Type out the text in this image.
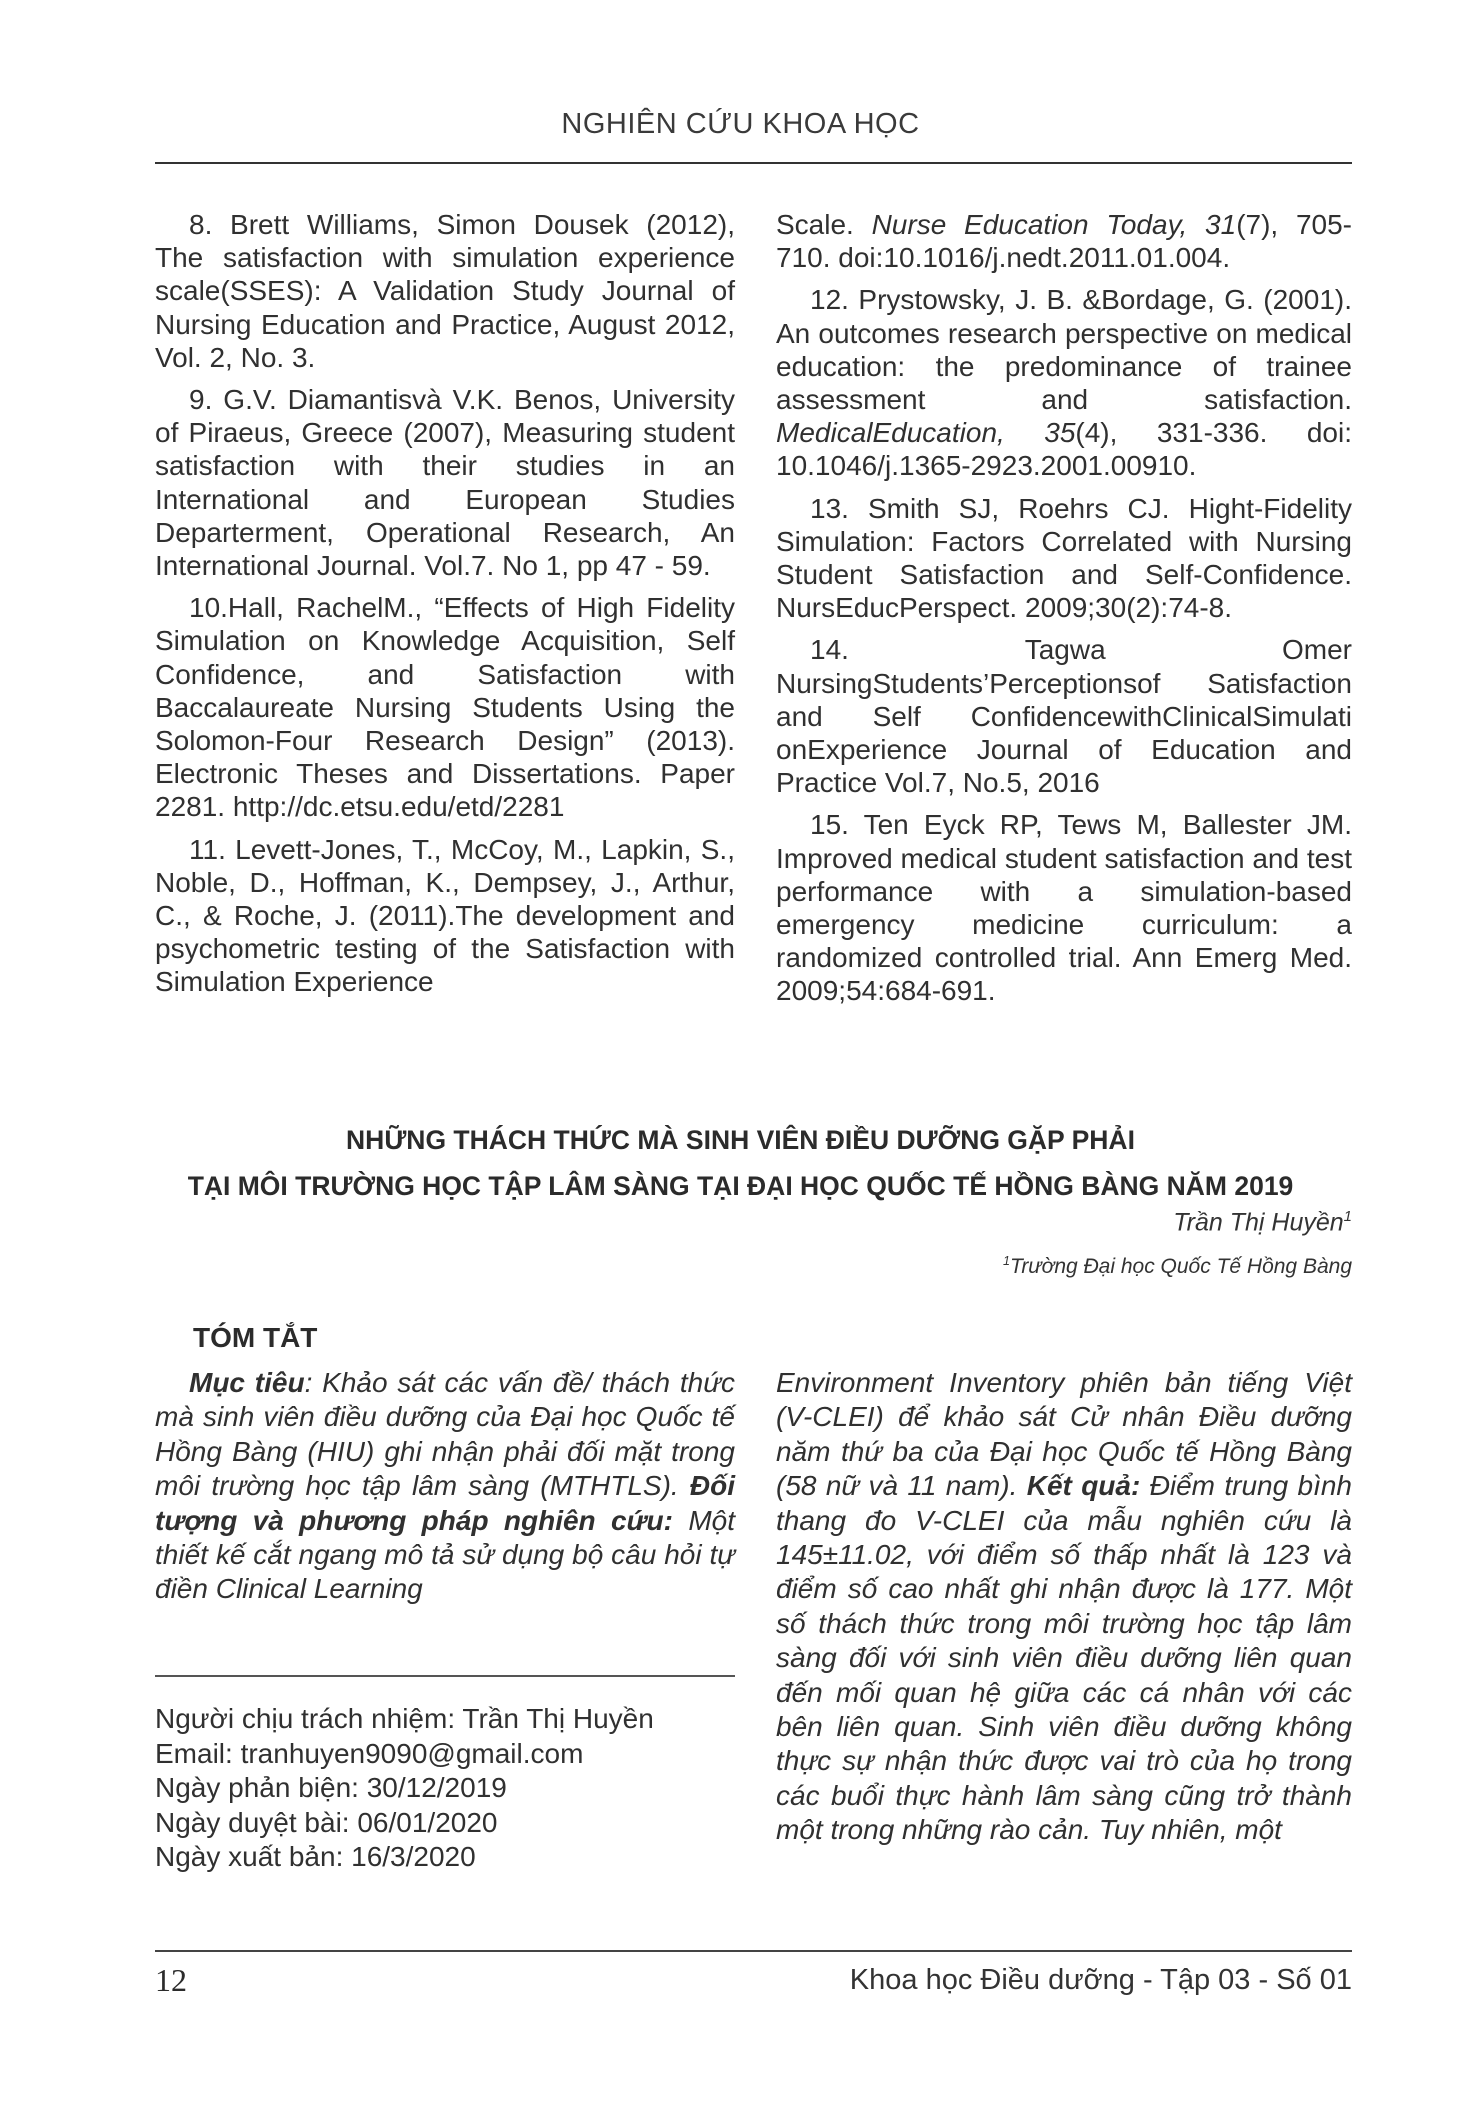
NGHIÊN CỨU KHOA HỌC

8. Brett Williams, Simon Dousek (2012), The satisfaction with simulation experience scale(SSES): A Validation Study Journal of Nursing Education and Practice, August 2012, Vol. 2, No. 3.

9. G.V. Diamantisvà V.K. Benos, University of Piraeus, Greece (2007), Measuring student satisfaction with their studies in an International and European Studies Departerment, Operational Research, An International Journal. Vol.7. No 1, pp 47 - 59.

10.Hall, RachelM., “Effects of High Fidelity Simulation on Knowledge Acquisition, Self Confidence, and Satisfaction with Baccalaureate Nursing Students Using the Solomon-Four Research Design” (2013). Electronic Theses and Dissertations. Paper 2281. http://dc.etsu.edu/etd/2281

11. Levett-Jones, T., McCoy, M., Lapkin, S., Noble, D., Hoffman, K., Dempsey, J., Arthur, C., & Roche, J. (2011).The development and psychometric testing of the Satisfaction with Simulation Experience

Scale. Nurse Education Today, 31(7), 705-710. doi:10.1016/j.nedt.2011.01.004.

12. Prystowsky, J. B. &Bordage, G. (2001). An outcomes research perspective on medical education: the predominance of trainee assessment and satisfaction. MedicalEducation, 35(4), 331-336. doi: 10.1046/j.1365-2923.2001.00910.

13. Smith SJ, Roehrs CJ. Hight-Fidelity Simulation: Factors Correlated with Nursing Student Satisfaction and Self-Confidence. NursEducPerspect. 2009;30(2):74-8.

14. Tagwa Omer NursingStudents’Perceptionsof Satisfaction and Self ConfidencewithClinicalSimulati onExperience Journal of Education and Practice Vol.7, No.5, 2016

15. Ten Eyck RP, Tews M, Ballester JM. Improved medical student satisfaction and test performance with a simulation-based emergency medicine curriculum: a randomized controlled trial. Ann Emerg Med. 2009;54:684-691.

NHỮNG THÁCH THỨC MÀ SINH VIÊN ĐIỀU DƯỠNG GẶP PHẢI
TẠI MÔI TRƯỜNG HỌC TẬP LÂM SÀNG TẠI ĐẠI HỌC QUỐC TẾ HỒNG BÀNG NĂM 2019
Trần Thị Huyền$^1$
$^1$Trường Đại học Quốc Tế Hồng Bàng
TÓM TẮT

Mục tiêu: Khảo sát các vấn đề/ thách thức mà sinh viên điều dưỡng của Đại học Quốc tế Hồng Bàng (HIU) ghi nhận phải đối mặt trong môi trường học tập lâm sàng (MTHTLS). Đối tượng và phương pháp nghiên cứu: Một thiết kế cắt ngang mô tả sử dụng bộ câu hỏi tự điền Clinical Learning

Environment Inventory phiên bản tiếng Việt (V-CLEI) để khảo sát Cử nhân Điều dưỡng năm thứ ba của Đại học Quốc tế Hồng Bàng (58 nữ và 11 nam). Kết quả: Điểm trung bình thang đo V-CLEI của mẫu nghiên cứu là 145±11.02, với điểm số thấp nhất là 123 và điểm số cao nhất ghi nhận được là 177. Một số thách thức trong môi trường học tập lâm sàng đối với sinh viên điều dưỡng liên quan đến mối quan hệ giữa các cá nhân với các bên liên quan. Sinh viên điều dưỡng không thực sự nhận thức được vai trò của họ trong các buổi thực hành lâm sàng cũng trở thành một trong những rào cản. Tuy nhiên, một

Người chịu trách nhiệm: Trần Thị Huyền
Email: tranhuyen9090@gmail.com
Ngày phản biện: 30/12/2019
Ngày duyệt bài: 06/01/2020
Ngày xuất bản: 16/3/2020
12	Khoa học Điều dưỡng - Tập 03 - Số 01
